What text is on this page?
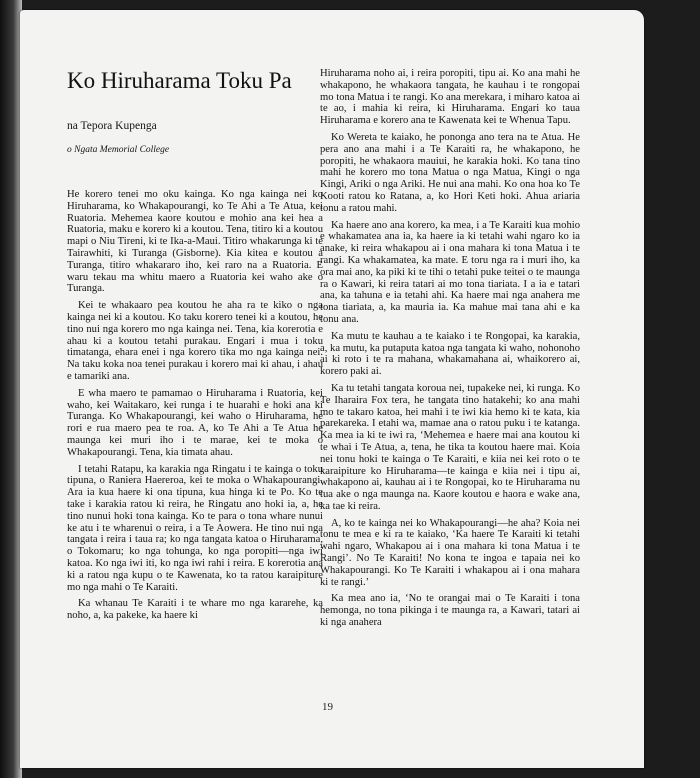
Ko Hiruharama Toku Pa
na Tepora Kupenga
o Ngata Memorial College

He korero tenei mo oku kainga. Ko nga kainga nei ko Hiruharama, ko Whakapourangi, ko Te Ahi a Te Atua, kei Ruatoria. Mehemea kaore koutou e mohio ana kei hea a Ruatoria, maku e korero ki a koutou. Tena, titiro ki a koutou mapi o Niu Tireni, ki te Ika-a-Maui. Titiro whakarunga ki te Tairawhiti, ki Turanga (Gisborne). Kia kitea e koutou a Turanga, titiro whakararo iho, kei raro na a Ruatoria. E waru tekau ma whitu maero a Ruatoria kei waho ake o Turanga.

Kei te whakaaro pea koutou he aha ra te kiko o nga kainga nei ki a koutou. Ko taku korero tenei ki a koutou, he tino nui nga korero mo nga kainga nei. Tena, kia korerotia e ahau ki a koutou tetahi purakau. Engari i mua i toku timatanga, ehara enei i nga korero tika mo nga kainga nei. Na taku koka noa tenei purakau i korero mai ki ahau, i ahau e tamariki ana.

E wha maero te pamamao o Hiruharama i Ruatoria, kei waho, kei Waitakaro, kei runga i te huarahi e hoki ana ki Turanga. Ko Whakapourangi, kei waho o Hiruharama, he rori e rua maero pea te roa. A, ko Te Ahi a Te Atua he maunga kei muri iho i te marae, kei te moka o Whakapourangi. Tena, kia timata ahau.

I tetahi Ratapu, ka karakia nga Ringatu i te kainga o toku tipuna, o Raniera Haereroa, kei te moka o Whakapourangi. Ara ia kua haere ki ona tipuna, kua hinga ki te Po. Ko te take i karakia ratou ki reira, he Ringatu ano hoki ia, a, he tino nunui hoki tona kainga. Ko te para o tona whare nunui ke atu i te wharenui o reira, i a Te Aowera. He tino nui nga tangata i reira i taua ra; ko nga tangata katoa o Hiruharama, o Tokomaru; ko nga tohunga, ko nga poropiti—nga iwi katoa. Ko nga iwi iti, ko nga iwi rahi i reira. E korerotia ana ki a ratou nga kupu o te Kawenata, ko ta ratou karaipiture mo nga mahi o Te Karaiti.

Ka whanau Te Karaiti i te whare mo nga kararehe, ka noho, a, ka pakeke, ka haere ki

Hiruharama noho ai, i reira poropiti, tipu ai. Ko ana mahi he whakapono, he whakaora tangata, he kauhau i te rongopai mo tona Matua i te rangi. Ko ana merekara, i miharo katoa ai te ao, i mahia ki reira, ki Hiruharama. Engari ko taua Hiruharama e korero ana te Kawenata kei te Whenua Tapu.

Ko Wereta te kaiako, he pononga ano tera na te Atua. He pera ano ana mahi i a Te Karaiti ra, he whakapono, he poropiti, he whakaora mauiui, he karakia hoki. Ko tana tino mahi he korero mo tona Matua o nga Matua, Kingi o nga Kingi, Ariki o nga Ariki. He nui ana mahi. Ko ona hoa ko Te Kooti ratou ko Ratana, a, ko Hori Keti hoki. Ahua ariaria tonu a ratou mahi.

Ka haere ano ana korero, ka mea, i a Te Karaiti kua mohio e whakamatea ana ia, ka haere ia ki tetahi wahi ngaro ko ia anake, ki reira whakapou ai i ona mahara ki tona Matua i te rangi. Ka whakamatea, ka mate. E toru nga ra i muri iho, ka ora mai ano, ka piki ki te tihi o tetahi puke teitei o te maunga ra o Kawari, ki reira tatari ai mo tona tiariata. I a ia e tatari ana, ka tahuna e ia tetahi ahi. Ka haere mai nga anahera me tona tiariata, a, ka mauria ia. Ka mahue mai tana ahi e ka tonu ana.

Ka mutu te kauhau a te kaiako i te Rongopai, ka karakia, a, ka mutu, ka putaputa katoa nga tangata ki waho, nohonoho ai ki roto i te ra mahana, whakamahana ai, whaikorero ai, korero paki ai.

Ka tu tetahi tangata koroua nei, tupakeke nei, ki runga. Ko Te Iharaira Fox tera, he tangata tino hatakehi; ko ana mahi mo te takaro katoa, hei mahi i te iwi kia hemo ki te kata, kia parekareka. I etahi wa, mamae ana o ratou puku i te katanga. Ka mea ia ki te iwi ra, ‘Mehemea e haere mai ana koutou ki te whai i Te Atua, a, tena, he tika ta koutou haere mai. Koia nei tonu hoki te kainga o Te Karaiti, e kiia nei kei roto o te karaipiture ko Hiruharama—te kainga e kiia nei i tipu ai, whakapono ai, kauhau ai i te Rongopai, ko te Hiruharama nu tua ake o nga maunga na. Kaore koutou e haora e wake ana, ka tae ki reira.

A, ko te kainga nei ko Whakapourangi—he aha? Koia nei tonu te mea e ki ra te kaiako, ‘Ka haere Te Karaiti ki tetahi wahi ngaro, Whakapou ai i ona mahara ki tona Matua i te Rangi’. No Te Karaiti! No kona te ingoa e tapaia nei ko Whakapourangi. Ko Te Karaiti i whakapou ai i ona mahara ki te rangi.’

Ka mea ano ia, ‘No te orangai mai o Te Karaiti i tona hemonga, no tona pikinga i te maunga ra, a Kawari, tatari ai ki nga anahera

19
